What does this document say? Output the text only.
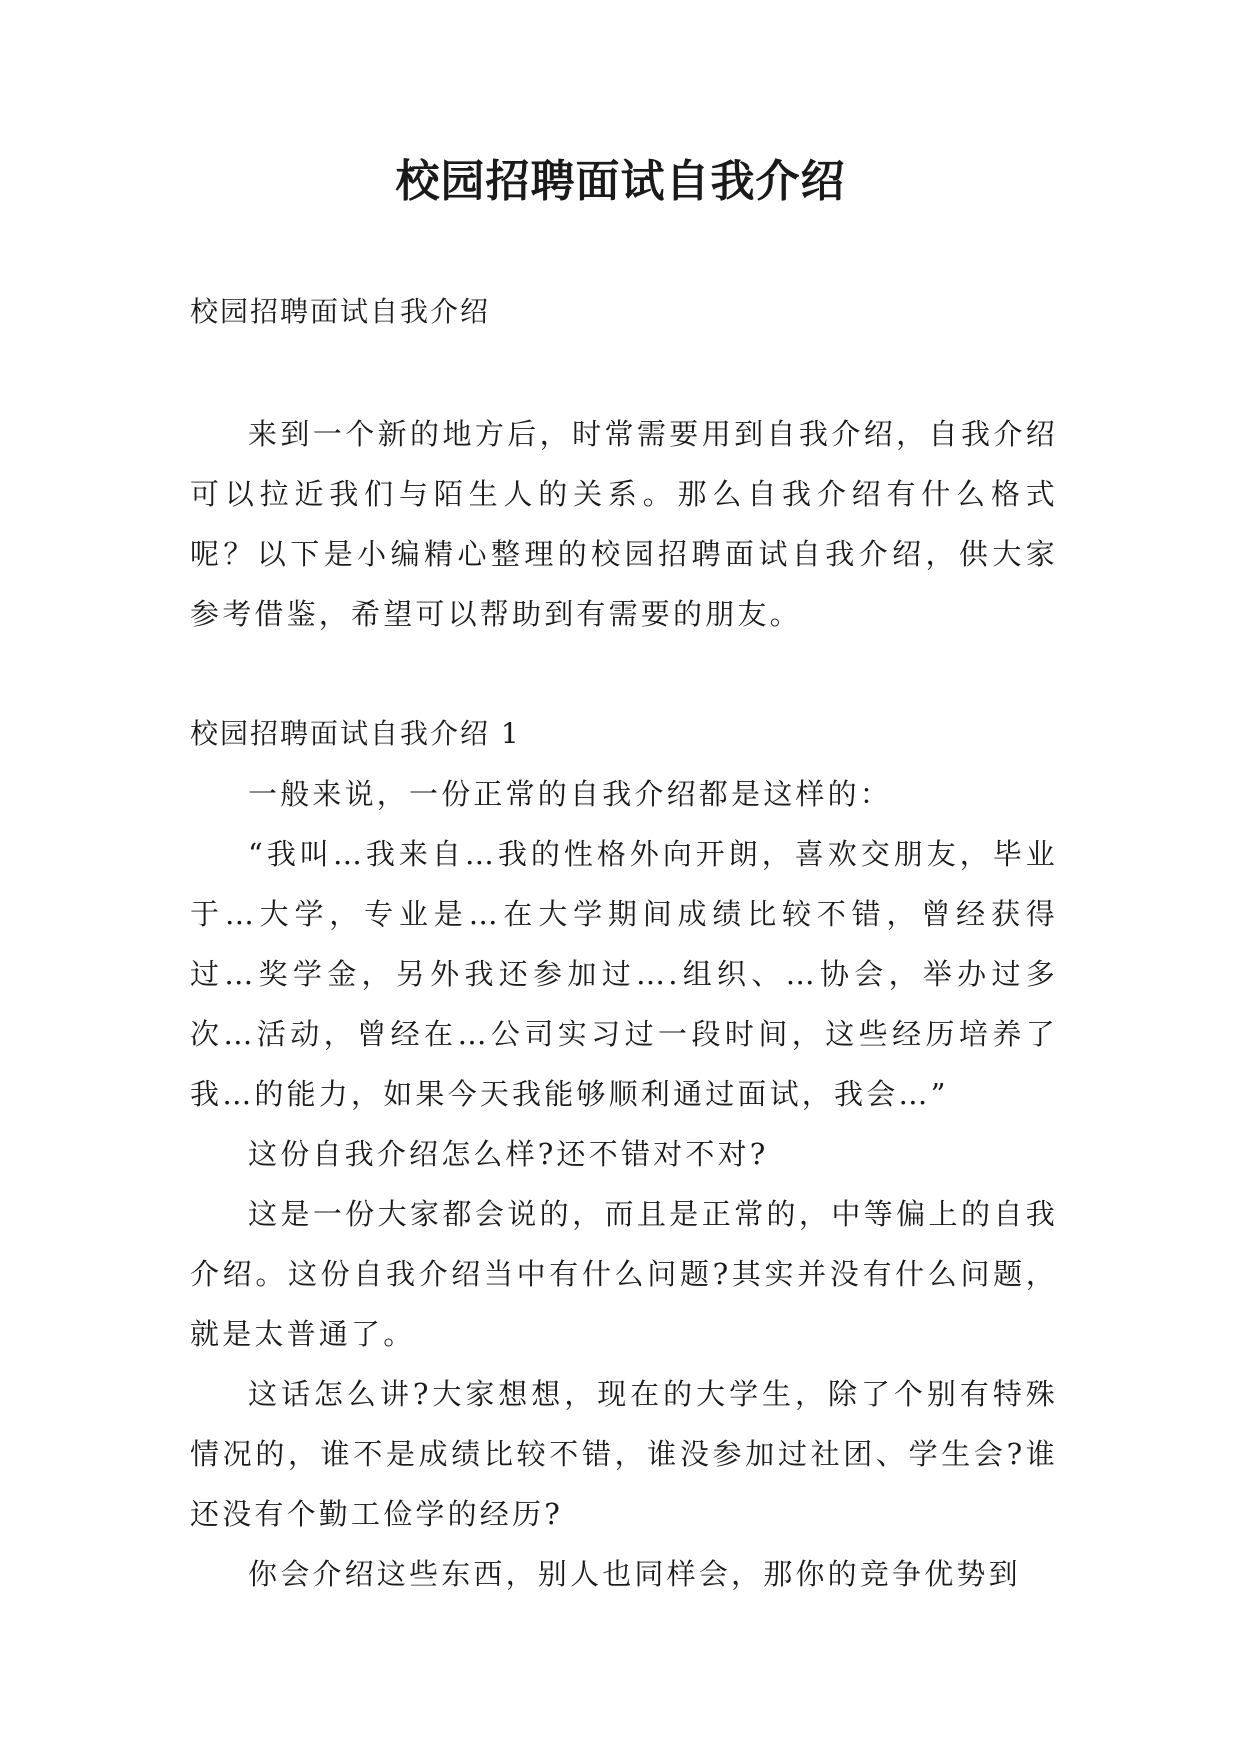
校园招聘面试自我介绍

校园招聘面试自我介绍

来到一个新的地方后，时常需要用到自我介绍，自我介绍可以拉近我们与陌生人的关系。那么自我介绍有什么格式呢？以下是小编精心整理的校园招聘面试自我介绍，供大家参考借鉴，希望可以帮助到有需要的朋友。

校园招聘面试自我介绍 1

一般来说，一份正常的自我介绍都是这样的：

“我叫…我来自…我的性格外向开朗，喜欢交朋友，毕业于…大学，专业是…在大学期间成绩比较不错，曾经获得过…奖学金，另外我还参加过….组织、…协会，举办过多次…活动，曾经在…公司实习过一段时间，这些经历培养了我…的能力，如果今天我能够顺利通过面试，我会…”

这份自我介绍怎么样?还不错对不对?

这是一份大家都会说的，而且是正常的，中等偏上的自我介绍。这份自我介绍当中有什么问题?其实并没有什么问题，就是太普通了。

这话怎么讲?大家想想，现在的大学生，除了个别有特殊情况的，谁不是成绩比较不错，谁没参加过社团、学生会?谁还没有个勤工俭学的经历?

你会介绍这些东西，别人也同样会，那你的竞争优势到
